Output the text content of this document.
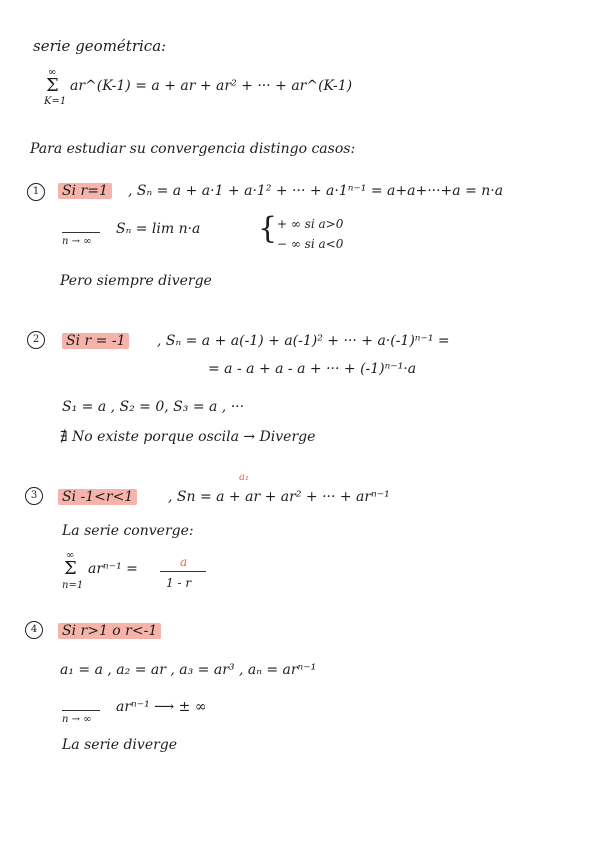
serie geométrica:
∞
Σ
K=1
ar^(K-1) = a + ar + ar² + ··· + ar^(K-1)
Para estudiar su convergencia distingo casos:
1	Si r=1 , Sₙ = a + a·1 + a·1² + ··· + a·1ⁿ⁻¹ = a+a+···+a = n·a
n → ∞
Sₙ = lim n·a { + ∞ si a>0
− ∞ si a<0
Pero siempre diverge
2	Si r = -1 , Sₙ = a + a(-1) + a(-1)² + ··· + a·(-1)ⁿ⁻¹ =
= a - a + a - a + ··· + (-1)ⁿ⁻¹·a
S₁ = a , S₂ = 0, S₃ = a , ···
∄ No existe porque oscila → Diverge
3	Si -1<r<1
a₁
, Sn = a + ar + ar² + ··· + arⁿ⁻¹
La serie converge:
∞
Σ
n=1
arⁿ⁻¹ =	a
1 - r
4	Si r>1 o r<-1
a₁ = a , a₂ = ar , a₃ = ar³ , aₙ = arⁿ⁻¹
n → ∞
arⁿ⁻¹ ⟶ ± ∞
La serie diverge
